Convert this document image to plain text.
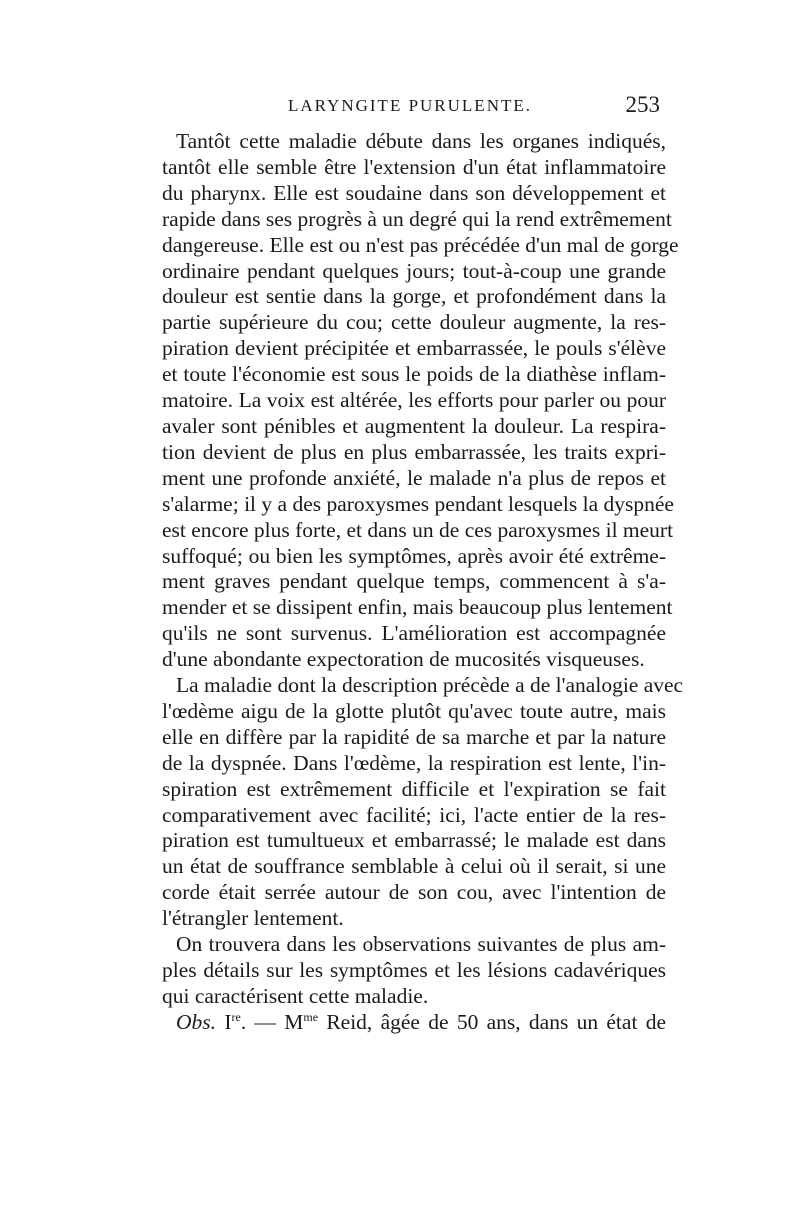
LARYNGITE PURULENTE.	253

Tantôt cette maladie débute dans les organes indiqués,
tantôt elle semble être l'extension d'un état inflammatoire
du pharynx. Elle est soudaine dans son développement et
rapide dans ses progrès à un degré qui la rend extrêmement
dangereuse. Elle est ou n'est pas précédée d'un mal de gorge
ordinaire pendant quelques jours; tout-à-coup une grande
douleur est sentie dans la gorge, et profondément dans la
partie supérieure du cou; cette douleur augmente, la res-
piration devient précipitée et embarrassée, le pouls s'élève
et toute l'économie est sous le poids de la diathèse inflam-
matoire. La voix est altérée, les efforts pour parler ou pour
avaler sont pénibles et augmentent la douleur. La respira-
tion devient de plus en plus embarrassée, les traits expri-
ment une profonde anxiété, le malade n'a plus de repos et
s'alarme; il y a des paroxysmes pendant lesquels la dyspnée
est encore plus forte, et dans un de ces paroxysmes il meurt
suffoqué; ou bien les symptômes, après avoir été extrême-
ment graves pendant quelque temps, commencent à s'a-
mender et se dissipent enfin, mais beaucoup plus lentement
qu'ils ne sont survenus. L'amélioration est accompagnée
d'une abondante expectoration de mucosités visqueuses.

La maladie dont la description précède a de l'analogie avec
l'œdème aigu de la glotte plutôt qu'avec toute autre, mais
elle en diffère par la rapidité de sa marche et par la nature
de la dyspnée. Dans l'œdème, la respiration est lente, l'in-
spiration est extrêmement difficile et l'expiration se fait
comparativement avec facilité; ici, l'acte entier de la res-
piration est tumultueux et embarrassé; le malade est dans
un état de souffrance semblable à celui où il serait, si une
corde était serrée autour de son cou, avec l'intention de
l'étrangler lentement.

On trouvera dans les observations suivantes de plus am-
ples détails sur les symptômes et les lésions cadavériques
qui caractérisent cette maladie.

Obs. Ire. — $M^{me}$ Reid, âgée de 50 ans, dans un état de
